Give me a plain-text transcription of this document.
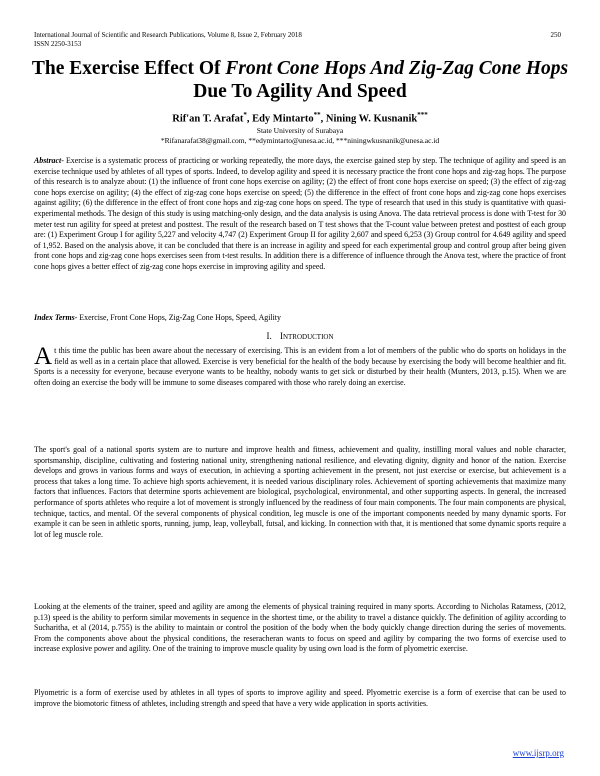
International Journal of Scientific and Research Publications, Volume 8, Issue 2, February 2018
ISSN 2250-3153
250
The Exercise Effect Of Front Cone Hops And Zig-Zag Cone Hops Due To Agility And Speed
Rif'an T. Arafat*, Edy Mintarto**, Nining W. Kusnanik***
State University of Surabaya
*Rifanarafat38@gmail.com, **edymintarto@unesa.ac.id, ***niningwkusnanik@unesa.ac.id
Abstract- Exercise is a systematic process of practicing or working repeatedly, the more days, the exercise gained step by step. The technique of agility and speed is an exercise technique used by athletes of all types of sports. Indeed, to develop agility and speed it is necessary practice the front cone hops and zig-zag hops. The purpose of this research is to analyze about: (1) the influence of front cone hops exercise on agility; (2) the effect of front cone hops exercise on speed; (3) the effect of zig-zag cone hops exercise on agility; (4) the effect of zig-zag cone hops exercise on speed; (5) the difference in the effect of front cone hops and zig-zag cone hops exercises against agility; (6) the difference in the effect of front cone hops and zig-zag cone hops on speed. The type of research that used in this study is quantitative with quasi-experimental methods. The design of this study is using matching-only design, and the data analysis is using Anova. The data retrieval process is done with T-test for 30 meter test run agility for speed at pretest and posttest. The result of the research based on T test shows that the T-count value between pretest and posttest of each group are: (1) Experiment Group I for agility 5,227 and velocity 4,747 (2) Experiment Group II for agility 2,607 and speed 6,253 (3) Group control for 4.649 agility and speed of 1,952. Based on the analysis above, it can be concluded that there is an increase in agility and speed for each experimental group and control group after being given front cone hops and zig-zag cone hops exercises seen from t-test results. In addition there is a difference of influence through the Anova test, where the practice of front cone hops gives a better effect of zig-zag cone hops exercise in improving agility and speed.
Index Terms- Exercise, Front Cone Hops, Zig-Zag Cone Hops, Speed, Agility
I. INTRODUCTION
At this time the public has been aware about the necessary of exercising. This is an evident from a lot of members of the public who do sports on holidays in the field as well as in a certain place that allowed. Exercise is very beneficial for the health of the body because by exercising the body will become healthier and fit. Sports is a necessity for everyone, because everyone wants to be healthy, nobody wants to get sick or disturbed by their health (Munters, 2013, p.15). When we are often doing an exercise the body will be immune to some diseases compared with those who rarely doing an exercise.
The sport's goal of a national sports system are to nurture and improve health and fitness, achievement and quality, instilling moral values and noble character, sportsmanship, discipline, cultivating and fostering national unity, strengthening national resilience, and elevating dignity, dignity and honor of the nation. Exercise develops and grows in various forms and ways of execution, in achieving a sporting achievement in the present, not just exercise or exercise, but achievement is a process that takes a long time. To achieve high sports achievement, it is needed various disciplinary roles. Achievement of sporting achievements that maximize many factors that influences. Factors that determine sports achievement are biological, psychological, environmental, and other supporting aspects. In general, the increased performance of sports athletes who require a lot of movement is strongly influenced by the readiness of four main components. The four main components are physical, technique, tactics, and mental. Of the several components of physical condition, leg muscle is one of the important components needed by many dynamic sports. For example it can be seen in athletic sports, running, jump, leap, volleyball, futsal, and kicking. In connection with that, it is mentioned that some dynamic sports require a lot of leg muscle role.
Looking at the elements of the trainer, speed and agility are among the elements of physical training required in many sports. According to Nicholas Ratamess, (2012, p.13) speed is the ability to perform similar movements in sequence in the shortest time, or the ability to travel a distance quickly. The definition of agility according to Sucharitha, et al (2014, p.755) is the ability to maintain or control the position of the body when the body quickly change direction during the series of movements. From the components above about the physical conditions, the reseracheran wants to focus on speed and agility by comparing the two forms of exercise used to increase explosive power and agility. One of the training to improve muscle quality by using own load is the form of plyometric exercise.
Plyometric is a form of exercise used by athletes in all types of sports to improve agility and speed. Plyometric exercise is a form of exercise that can be used to improve the biomotoric fitness of athletes, including strength and speed that have a very wide application in sports activities.
www.ijsrp.org
